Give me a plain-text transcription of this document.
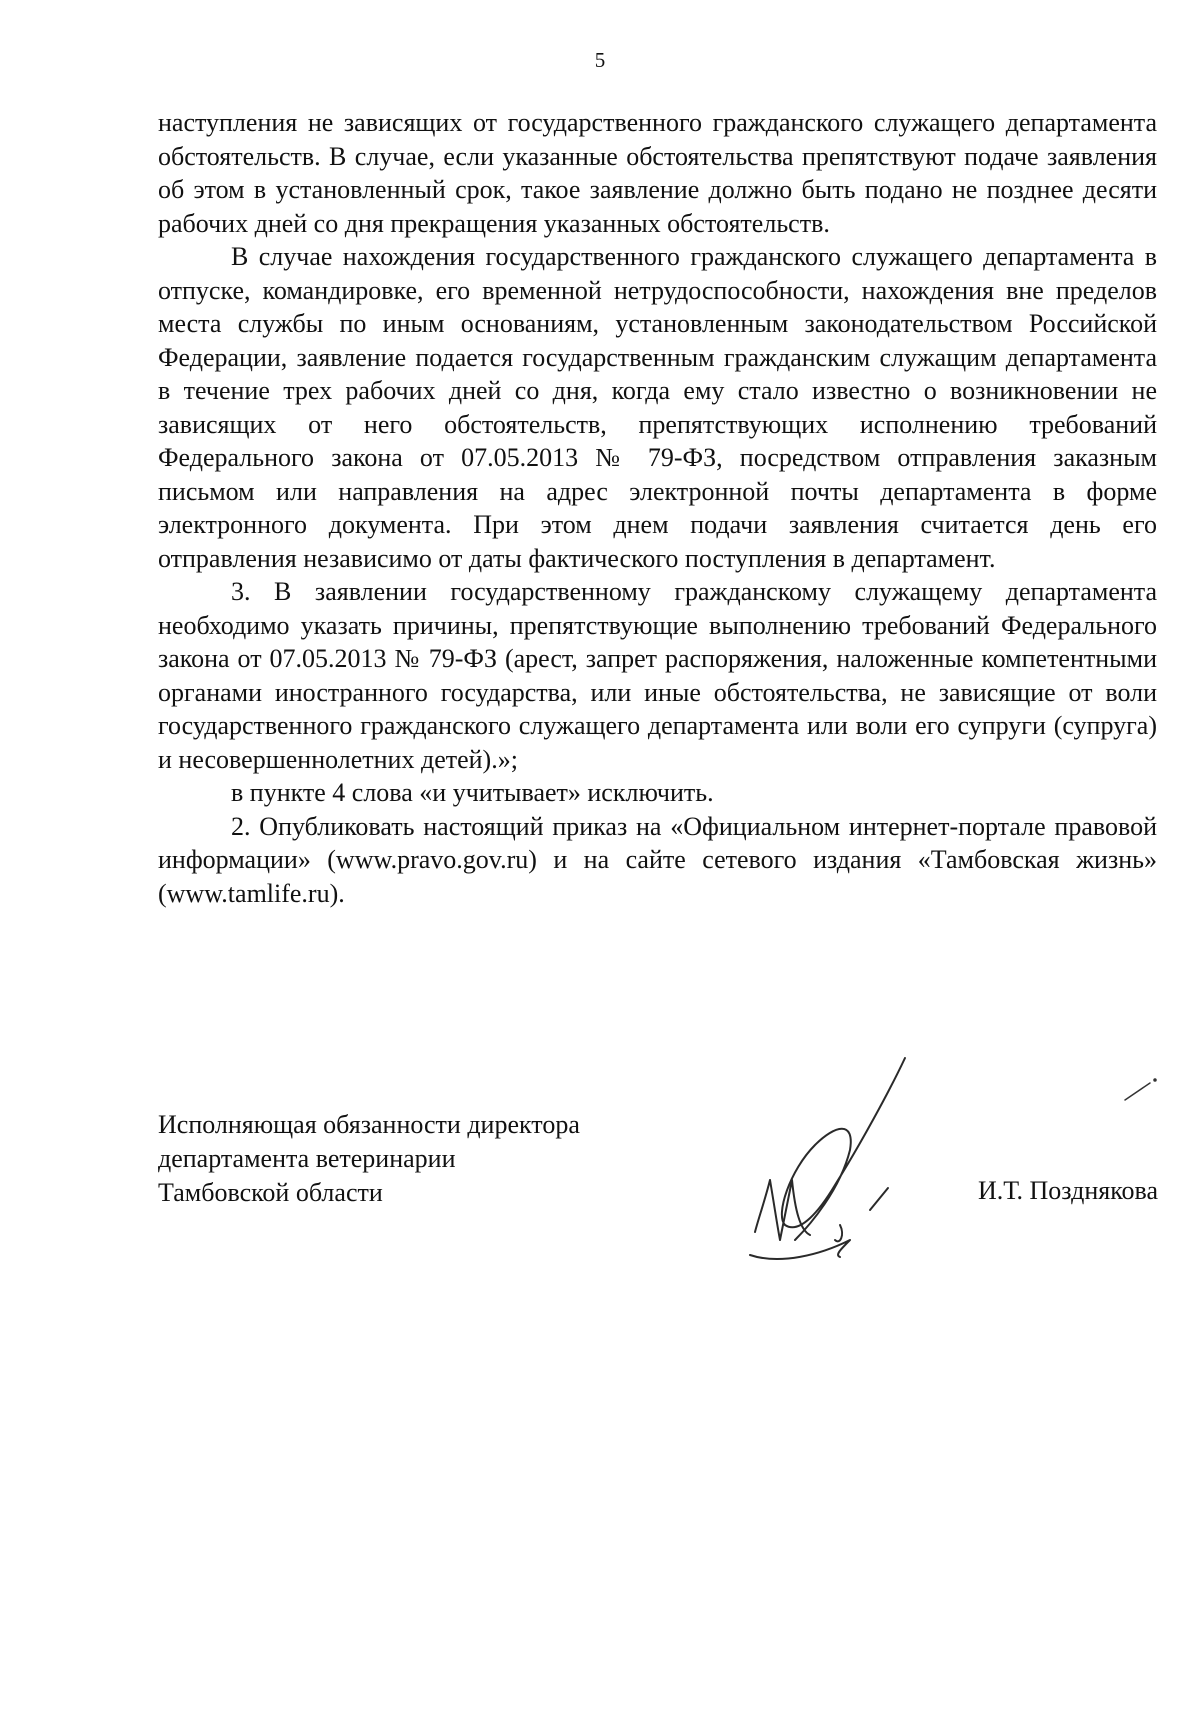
5

наступления не зависящих от государственного гражданского служащего департамента обстоятельств. В случае, если указанные обстоятельства препятствуют подаче заявления об этом в установленный срок, такое заявление должно быть подано не позднее десяти рабочих дней со дня прекращения указанных обстоятельств.

В случае нахождения государственного гражданского служащего департамента в отпуске, командировке, его временной нетрудоспособности, нахождения вне пределов места службы по иным основаниям, установленным законодательством Российской Федерации, заявление подается государственным гражданским служащим департамента в течение трех рабочих дней со дня, когда ему стало известно о возникновении не зависящих от него обстоятельств, препятствующих исполнению требований Федерального закона от 07.05.2013 № 79-ФЗ, посредством отправления заказным письмом или направления на адрес электронной почты департамента в форме электронного документа. При этом днем подачи заявления считается день его отправления независимо от даты фактического поступления в департамент.

3. В заявлении государственному гражданскому служащему департамента необходимо указать причины, препятствующие выполнению требований Федерального закона от 07.05.2013 № 79-ФЗ (арест, запрет распоряжения, наложенные компетентными органами иностранного государства, или иные обстоятельства, не зависящие от воли государственного гражданского служащего департамента или воли его супруги (супруга) и несовершеннолетних детей).»;

в пункте 4 слова «и учитывает» исключить.

2. Опубликовать настоящий приказ на «Официальном интернет-портале правовой информации» (www.pravo.gov.ru) и на сайте сетевого издания «Тамбовская жизнь» (www.tamlife.ru).

Исполняющая обязанности директора
департамента ветеринарии
Тамбовской области	И.Т. Позднякова
